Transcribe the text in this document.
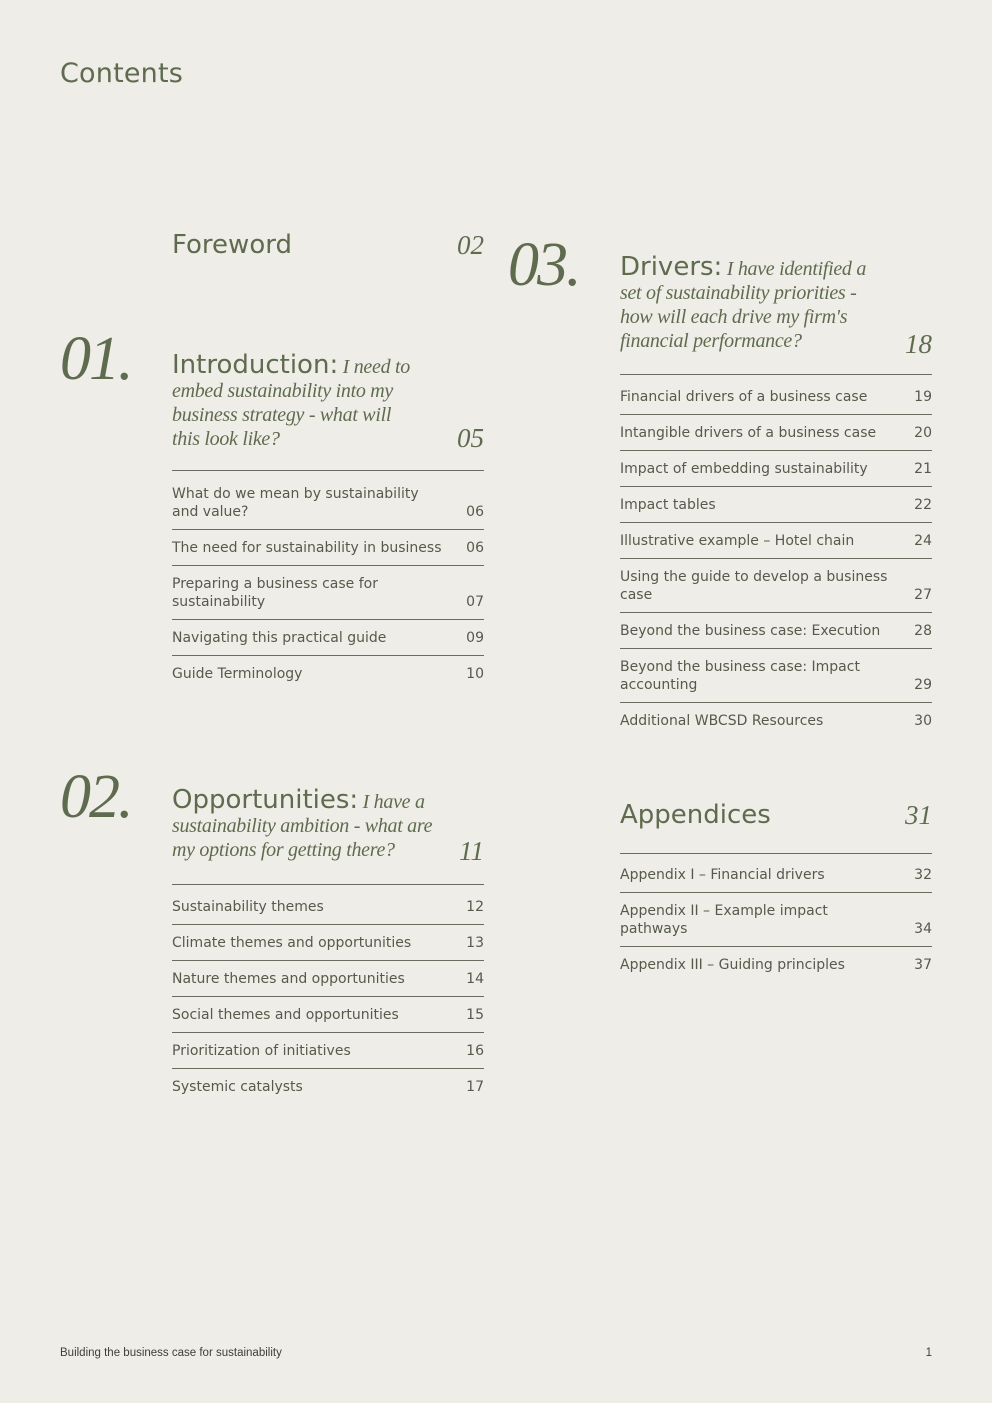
Contents
Foreword	02
01. Introduction: I need to embed sustainability into my business strategy - what will this look like?	05
What do we mean by sustainability and value?	06
The need for sustainability in business 06
Preparing a business case for sustainability	07
Navigating this practical guide	09
Guide Terminology	10
02. Opportunities: I have a sustainability ambition - what are my options for getting there?	11
Sustainability themes	12
Climate themes and opportunities	13
Nature themes and opportunities	14
Social themes and opportunities	15
Prioritization of initiatives	16
Systemic catalysts	17
03. Drivers: I have identified a set of sustainability priorities - how will each drive my firm's financial performance?	18
Financial drivers of a business case	19
Intangible drivers of a business case	20
Impact of embedding sustainability	21
Impact tables	22
Illustrative example – Hotel chain	24
Using the guide to develop a business case	27
Beyond the business case: Execution 28
Beyond the business case: Impact accounting	29
Additional WBCSD Resources	30
Appendices	31
Appendix I – Financial drivers	32
Appendix II – Example impact pathways	34
Appendix III – Guiding principles	37
Building the business case for sustainability	1
